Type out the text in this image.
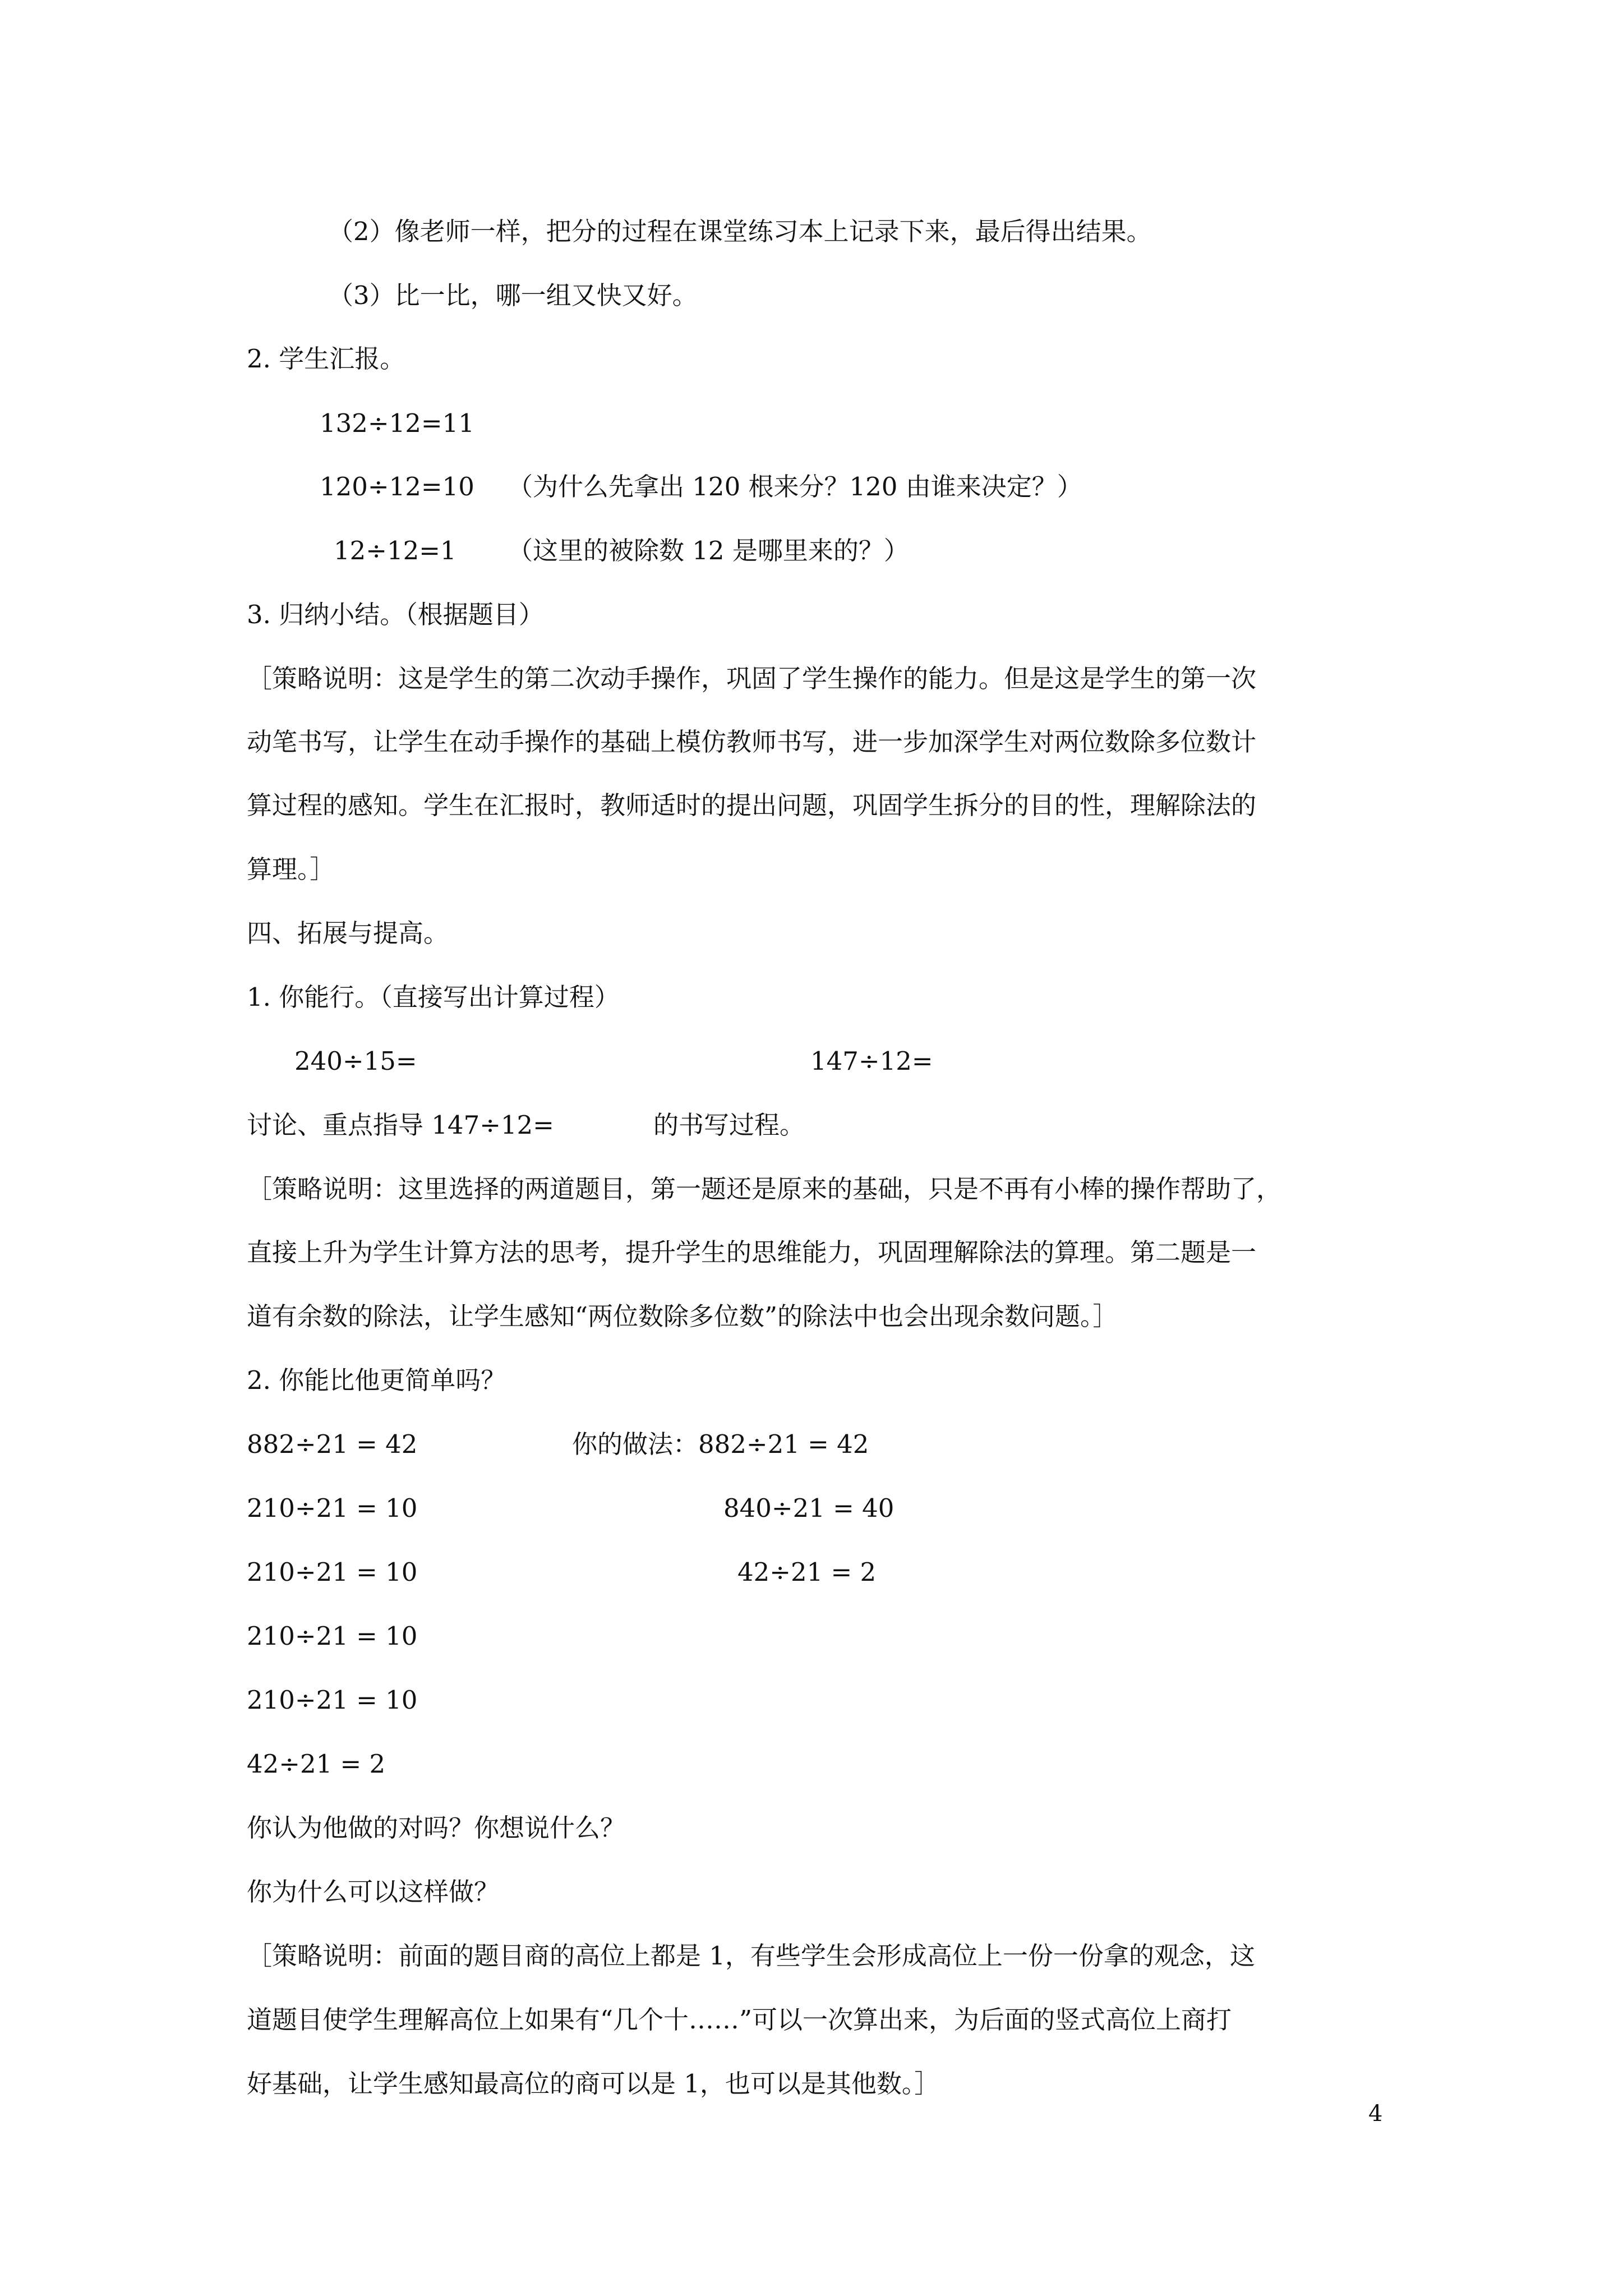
（2）像老师一样，把分的过程在课堂练习本上记录下来，最后得出结果。
（3）比一比，哪一组又快又好。
2. 学生汇报。
132÷12=11
120÷12=10 （为什么先拿出 120 根来分？120 由谁来决定？）
12÷12=1 （这里的被除数 12 是哪里来的？）
3. 归纳小结。（根据题目）
［策略说明：这是学生的第二次动手操作，巩固了学生操作的能力。但是这是学生的第一次
动笔书写，让学生在动手操作的基础上模仿教师书写，进一步加深学生对两位数除多位数计
算过程的感知。学生在汇报时，教师适时的提出问题，巩固学生拆分的目的性，理解除法的
算理。］
四、拓展与提高。
1. 你能行。（直接写出计算过程）
240÷15=	147÷12=
讨论、重点指导 147÷12=	的书写过程。
［策略说明：这里选择的两道题目，第一题还是原来的基础，只是不再有小棒的操作帮助了，
直接上升为学生计算方法的思考，提升学生的思维能力，巩固理解除法的算理。第二题是一
道有余数的除法，让学生感知“两位数除多位数”的除法中也会出现余数问题。］
2. 你能比他更简单吗？
882÷21 = 42
210÷21 = 10
210÷21 = 10
210÷21 = 10
210÷21 = 10
42÷21 = 2
你的做法：882÷21 = 42
840÷21 = 40
42÷21 = 2
你认为他做的对吗？你想说什么？
你为什么可以这样做？
［策略说明：前面的题目商的高位上都是 1，有些学生会形成高位上一份一份拿的观念，这
道题目使学生理解高位上如果有“几个十……”可以一次算出来，为后面的竖式高位上商打
好基础，让学生感知最高位的商可以是 1，也可以是其他数。］
4
